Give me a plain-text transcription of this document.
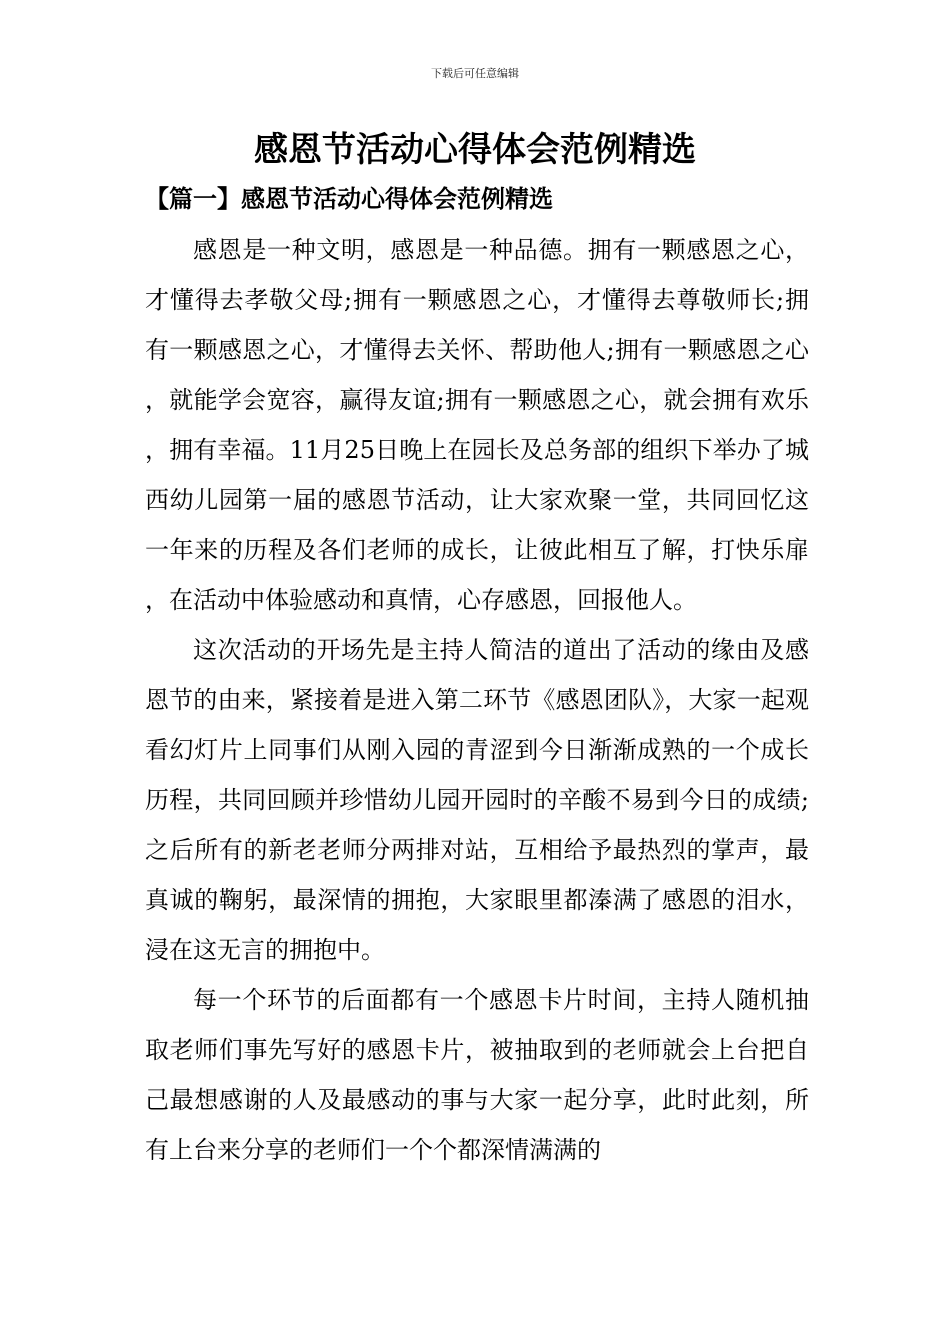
下载后可任意编辑
感恩节活动心得体会范例精选
【篇一】感恩节活动心得体会范例精选

感恩是一种文明，感恩是一种品德。拥有一颗感恩之心，才懂得去孝敬父母;拥有一颗感恩之心，才懂得去尊敬师长;拥有一颗感恩之心，才懂得去关怀、帮助他人;拥有一颗感恩之心，就能学会宽容，赢得友谊;拥有一颗感恩之心，就会拥有欢乐，拥有幸福。11月25日晚上在园长及总务部的组织下举办了城西幼儿园第一届的感恩节活动，让大家欢聚一堂，共同回忆这一年来的历程及各们老师的成长，让彼此相互了解，打快乐扉，在活动中体验感动和真情，心存感恩，回报他人。

这次活动的开场先是主持人简洁的道出了活动的缘由及感恩节的由来，紧接着是进入第二环节《感恩团队》，大家一起观看幻灯片上同事们从刚入园的青涩到今日渐渐成熟的一个成长历程，共同回顾并珍惜幼儿园开园时的辛酸不易到今日的成绩;之后所有的新老老师分两排对站，互相给予最热烈的掌声，最真诚的鞠躬，最深情的拥抱，大家眼里都溱满了感恩的泪水，浸在这无言的拥抱中。

每一个环节的后面都有一个感恩卡片时间，主持人随机抽取老师们事先写好的感恩卡片，被抽取到的老师就会上台把自己最想感谢的人及最感动的事与大家一起分享，此时此刻，所有上台来分享的老师们一个个都深情满满的
